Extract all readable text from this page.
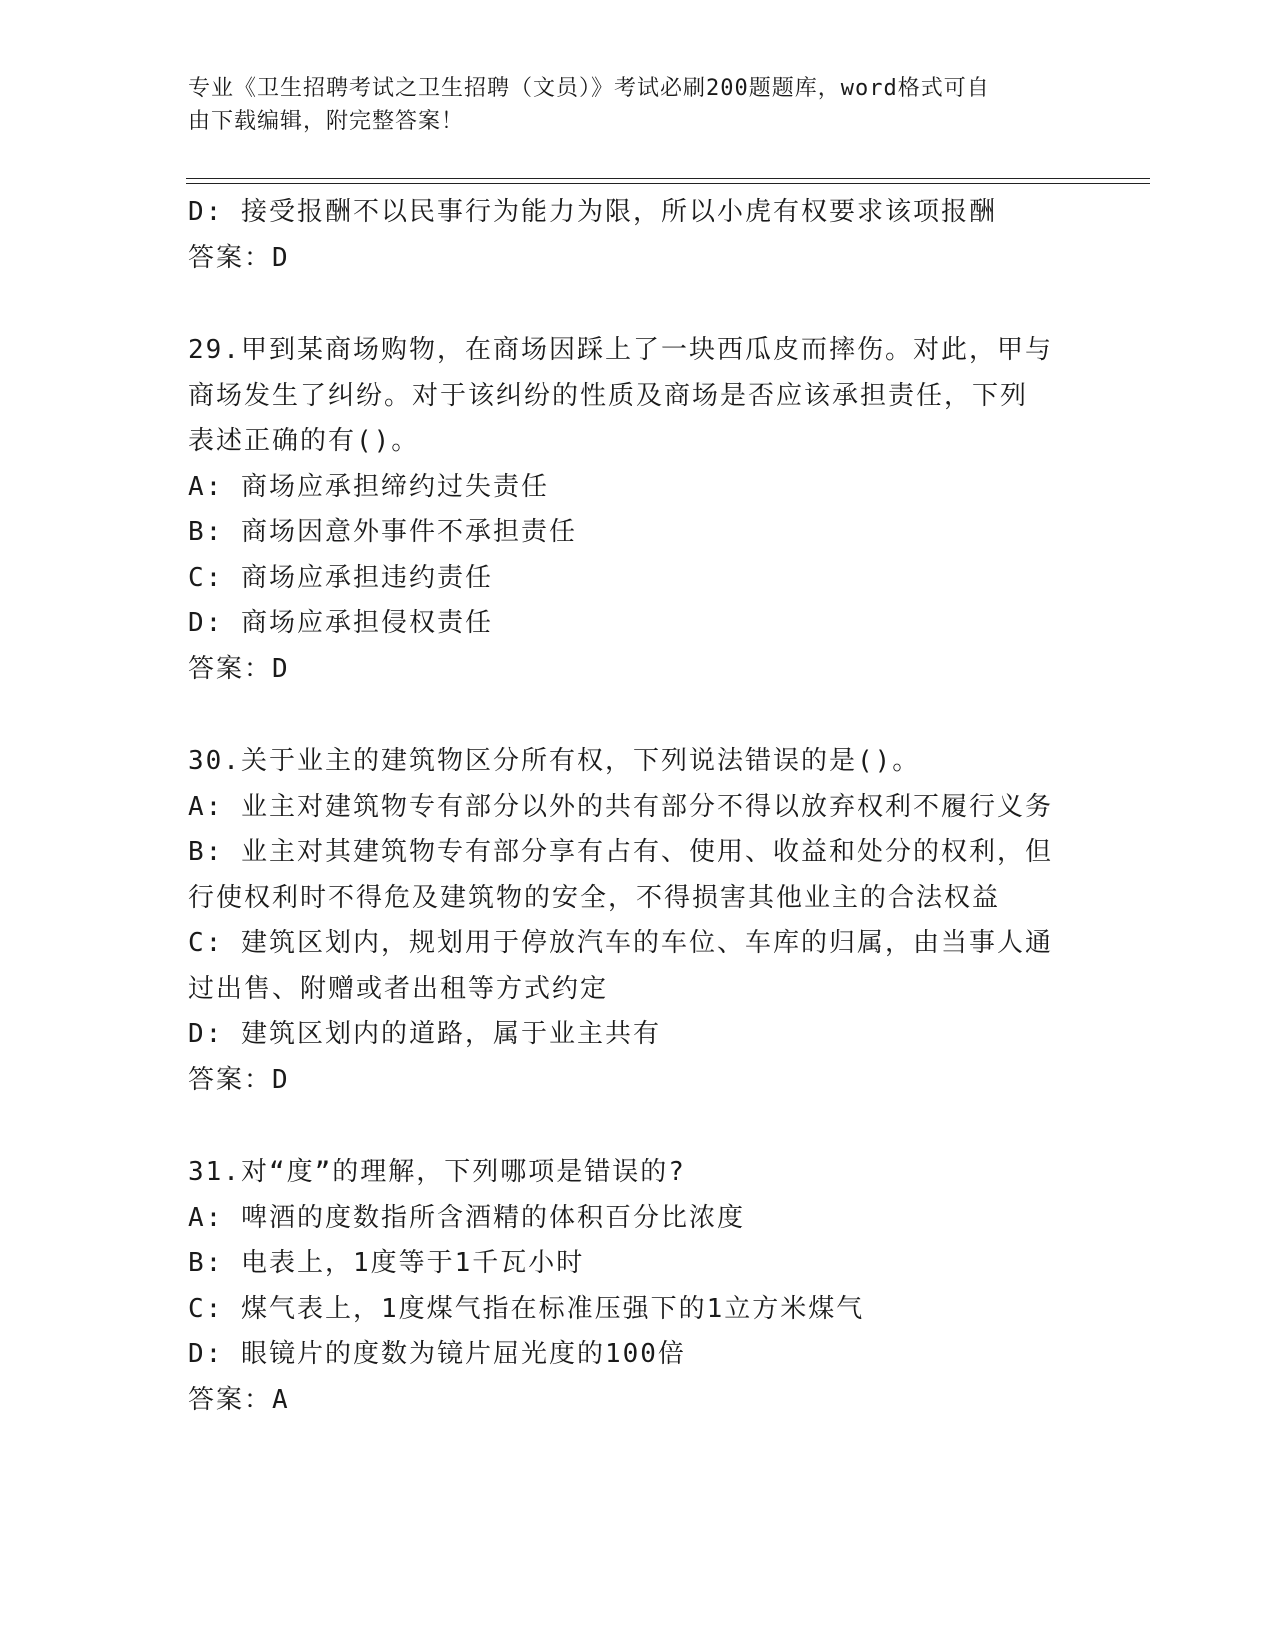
专业《卫生招聘考试之卫生招聘（文员）》考试必刷200题题库，word格式可自
由下载编辑，附完整答案！
D: 接受报酬不以民事行为能力为限，所以小虎有权要求该项报酬
答案：D
29.甲到某商场购物，在商场因踩上了一块西瓜皮而摔伤。对此，甲与
商场发生了纠纷。对于该纠纷的性质及商场是否应该承担责任，下列
表述正确的有()。
A: 商场应承担缔约过失责任
B: 商场因意外事件不承担责任
C: 商场应承担违约责任
D: 商场应承担侵权责任
答案：D
30.关于业主的建筑物区分所有权，下列说法错误的是()。
A: 业主对建筑物专有部分以外的共有部分不得以放弃权利不履行义务
B: 业主对其建筑物专有部分享有占有、使用、收益和处分的权利，但
行使权利时不得危及建筑物的安全，不得损害其他业主的合法权益
C: 建筑区划内，规划用于停放汽车的车位、车库的归属，由当事人通
过出售、附赠或者出租等方式约定
D: 建筑区划内的道路，属于业主共有
答案：D
31.对“度”的理解，下列哪项是错误的?
A: 啤酒的度数指所含酒精的体积百分比浓度
B: 电表上，1度等于1千瓦小时
C: 煤气表上，1度煤气指在标准压强下的1立方米煤气
D: 眼镜片的度数为镜片屈光度的100倍
答案：A
